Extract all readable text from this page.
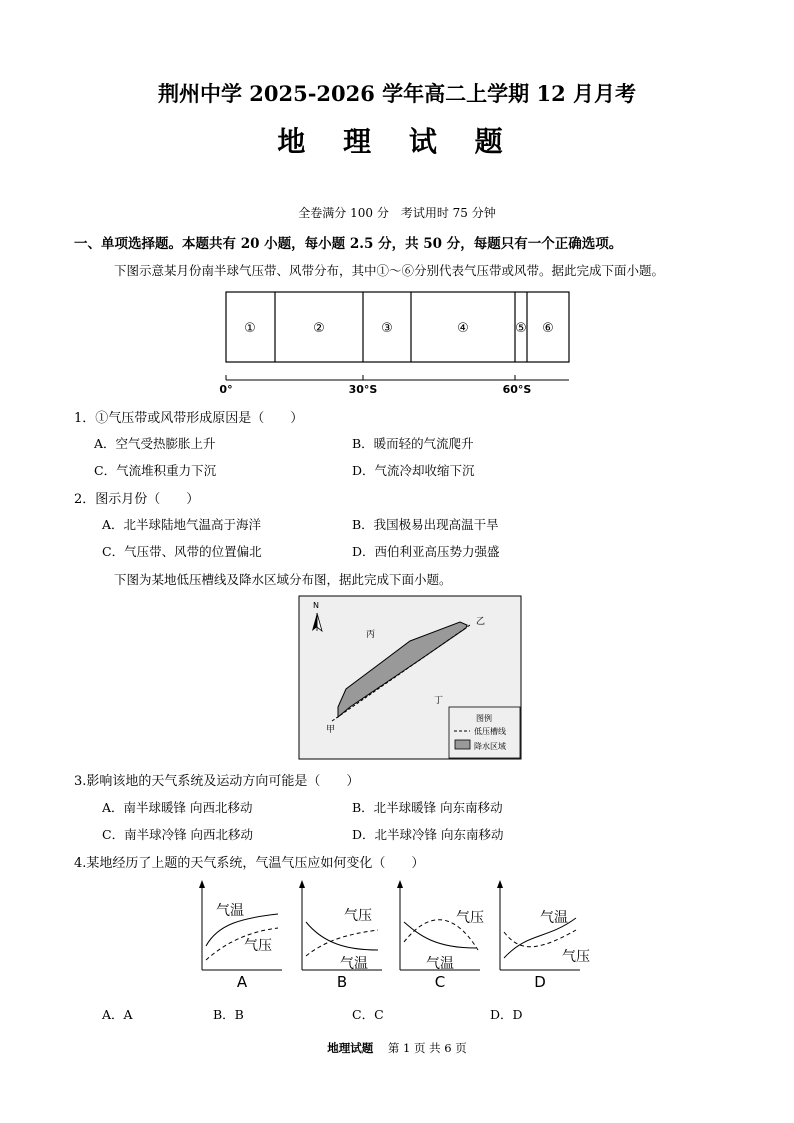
荆州中学 2025-2026 学年高二上学期 12 月月考
地 理 试 题
全卷满分 100 分　考试用时 75 分钟
一、单项选择题。本题共有 20 小题，每小题 2.5 分，共 50 分，每题只有一个正确选项。
下图示意某月份南半球气压带、风带分布，其中①～⑥分别代表气压带或风带。据此完成下面小题。
①	②	③	④	⑤ ⑥
0°	30°S	60°S
1．①气压带或风带形成原因是（　　）
A．空气受热膨胀上升	B．暖而轻的气流爬升
C．气流堆积重力下沉	D．气流冷却收缩下沉
2．图示月份（　　）
A．北半球陆地气温高于海洋	B．我国极易出现高温干旱
C．气压带、风带的位置偏北	D．西伯利亚高压势力强盛
下图为某地低压槽线及降水区域分布图，据此完成下面小题。
N
丙
乙
丁
甲
图例
低压槽线
降水区域
3.影响该地的天气系统及运动方向可能是（　　）
A．南半球暖锋 向西北移动	B．北半球暖锋 向东南移动
C．南半球冷锋 向西北移动	D．北半球冷锋 向东南移动
4.某地经历了上题的天气系统，气温气压应如何变化（　　）
气温
气压
A
气压
气温
B
气压
气温
C
气温
气压
D
A．A	B．B	C．C	D．D
地理试题 第 1 页 共 6 页
